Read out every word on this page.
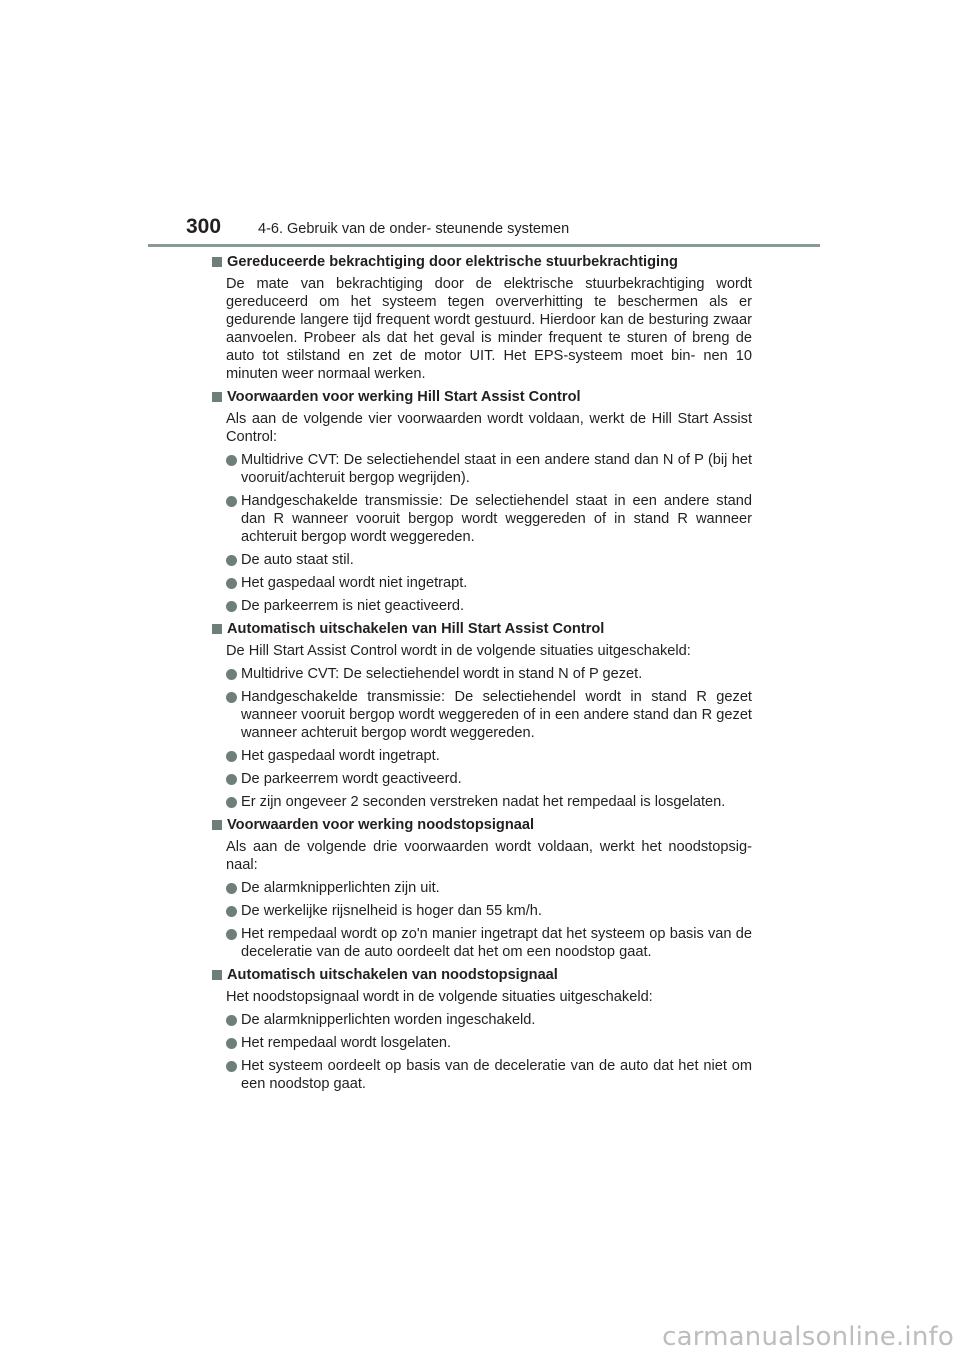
300	4-6. Gebruik van de onder- steunende systemen
Gereduceerde bekrachtiging door elektrische stuurbekrachtiging
De mate van bekrachtiging door de elektrische stuurbekrachtiging wordt gereduceerd om het systeem tegen oververhitting te beschermen als er gedurende langere tijd frequent wordt gestuurd. Hierdoor kan de besturing zwaar aanvoelen. Probeer als dat het geval is minder frequent te sturen of breng de auto tot stilstand en zet de motor UIT. Het EPS-systeem moet bin- nen 10 minuten weer normaal werken.
Voorwaarden voor werking Hill Start Assist Control
Als aan de volgende vier voorwaarden wordt voldaan, werkt de Hill Start Assist Control:
Multidrive CVT: De selectiehendel staat in een andere stand dan N of P (bij het vooruit/achteruit bergop wegrijden).
Handgeschakelde transmissie: De selectiehendel staat in een andere stand dan R wanneer vooruit bergop wordt weggereden of in stand R wanneer achteruit bergop wordt weggereden.
De auto staat stil.
Het gaspedaal wordt niet ingetrapt.
De parkeerrem is niet geactiveerd.
Automatisch uitschakelen van Hill Start Assist Control
De Hill Start Assist Control wordt in de volgende situaties uitgeschakeld:
Multidrive CVT: De selectiehendel wordt in stand N of P gezet.
Handgeschakelde transmissie: De selectiehendel wordt in stand R gezet wanneer vooruit bergop wordt weggereden of in een andere stand dan R gezet wanneer achteruit bergop wordt weggereden.
Het gaspedaal wordt ingetrapt.
De parkeerrem wordt geactiveerd.
Er zijn ongeveer 2 seconden verstreken nadat het rempedaal is losgelaten.
Voorwaarden voor werking noodstopsignaal
Als aan de volgende drie voorwaarden wordt voldaan, werkt het noodstopsig- naal:
De alarmknipperlichten zijn uit.
De werkelijke rijsnelheid is hoger dan 55 km/h.
Het rempedaal wordt op zo'n manier ingetrapt dat het systeem op basis van de deceleratie van de auto oordeelt dat het om een noodstop gaat.
Automatisch uitschakelen van noodstopsignaal
Het noodstopsignaal wordt in de volgende situaties uitgeschakeld:
De alarmknipperlichten worden ingeschakeld.
Het rempedaal wordt losgelaten.
Het systeem oordeelt op basis van de deceleratie van de auto dat het niet om een noodstop gaat.
carmanualsonline.info
